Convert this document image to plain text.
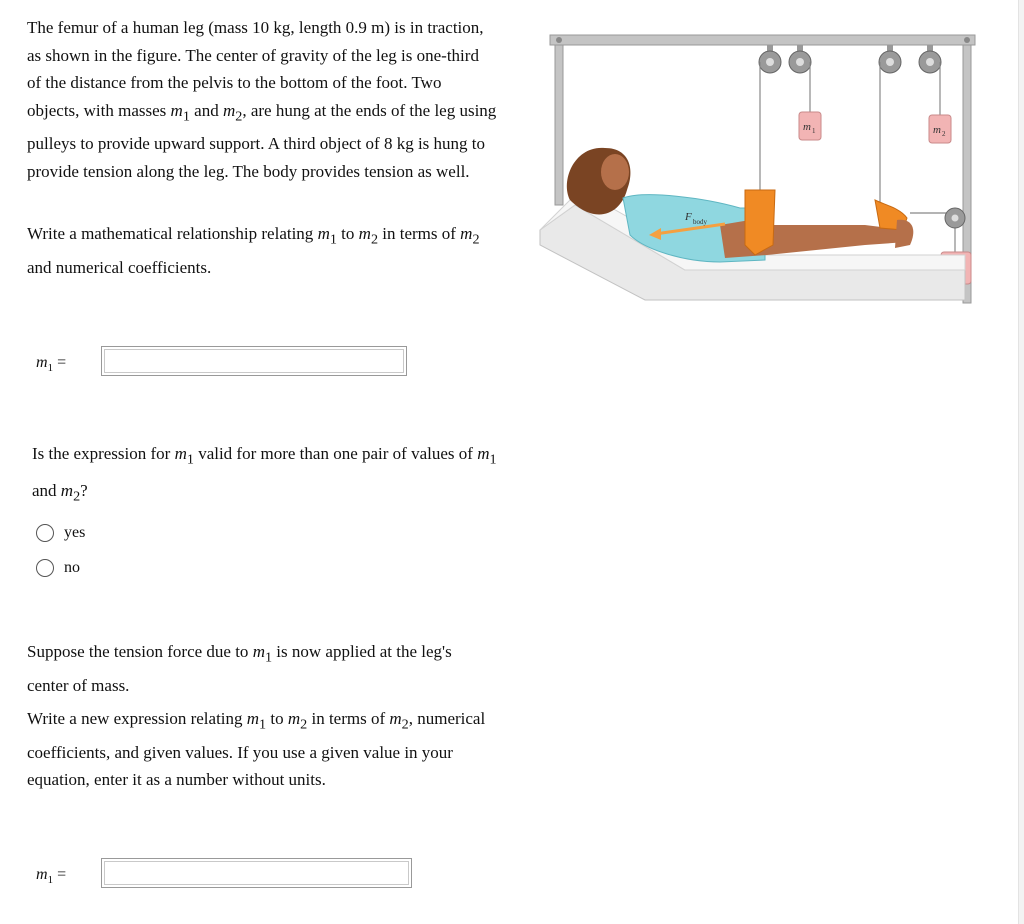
The femur of a human leg (mass 10 kg, length 0.9 m) is in traction, as shown in the figure. The center of gravity of the leg is one-third of the distance from the pelvis to the bottom of the foot. Two objects, with masses $m_1$ and $m_2$, are hung at the ends of the leg using pulleys to provide upward support. A third object of 8 kg is hung to provide tension along the leg. The body provides tension as well.

Write a mathematical relationship relating $m_1$ to $m_2$ in terms of $m_2$ and numerical coefficients.

$m_1$ =

Is the expression for $m_1$ valid for more than one pair of values of $m_1$ and $m_2$?

yes
no

Suppose the tension force due to $m_1$ is now applied at the leg's center of mass.

Write a new expression relating $m_1$ to $m_2$ in terms of $m_2$, numerical coefficients, and given values. If you use a given value in your equation, enter it as a number without units.

$m_1$ =
m 1	m 2
F body
